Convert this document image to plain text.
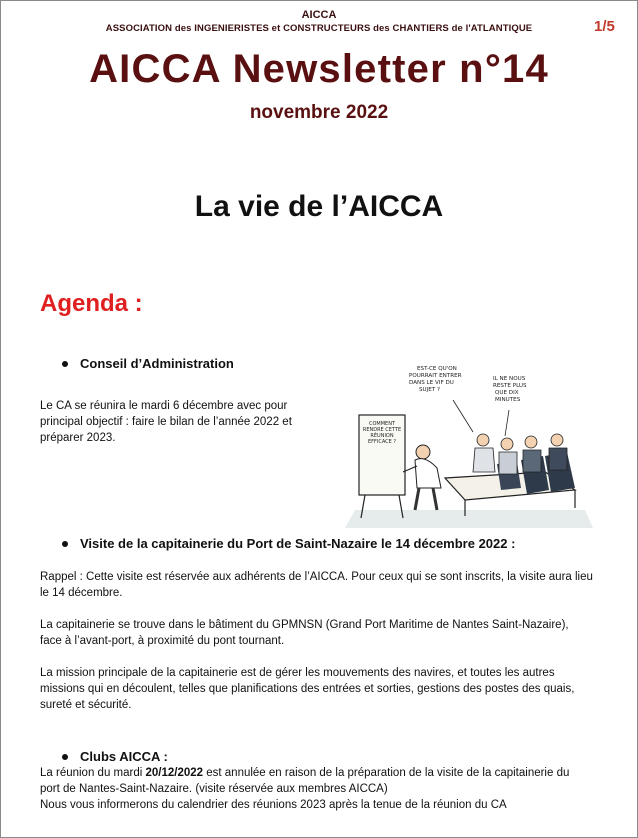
AICCA
ASSOCIATION des INGENIERISTES et CONSTRUCTEURS des CHANTIERS de l'ATLANTIQUE	1/5
AICCA Newsletter n°14
novembre 2022
La vie de l’AICCA
Agenda :
Conseil d’Administration
Le CA se réunira le mardi 6 décembre avec pour
principal objectif : faire le bilan de l’année 2022 et
préparer 2023.
COMMENT RENDRE CETTE RÉUNION EFFICACE ?
EST-CE QU'ON POURRAIT ENTRER DANS LE VIF DU SUJET ?
IL NE NOUS RESTE PLUS QUE DIX MINUTES
Visite de la capitainerie du Port de Saint-Nazaire le 14 décembre 2022 :
Rappel : Cette visite est réservée aux adhérents de l’AICCA. Pour ceux qui se sont inscrits, la visite aura lieu
le 14 décembre.
La capitainerie se trouve dans le bâtiment du GPMNSN (Grand Port Maritime de Nantes Saint-Nazaire),
face à l’avant-port, à proximité du pont tournant.
La mission principale de la capitainerie est de gérer les mouvements des navires, et toutes les autres
missions qui en découlent, telles que planifications des entrées et sorties, gestions des postes des quais,
sureté et sécurité.
Clubs AICCA :
La réunion du mardi 20/12/2022 est annulée en raison de la préparation de la visite de la capitainerie du
port de Nantes-Saint-Nazaire. (visite réservée aux membres AICCA)
Nous vous informerons du calendrier des réunions 2023 après la tenue de la réunion du CA
